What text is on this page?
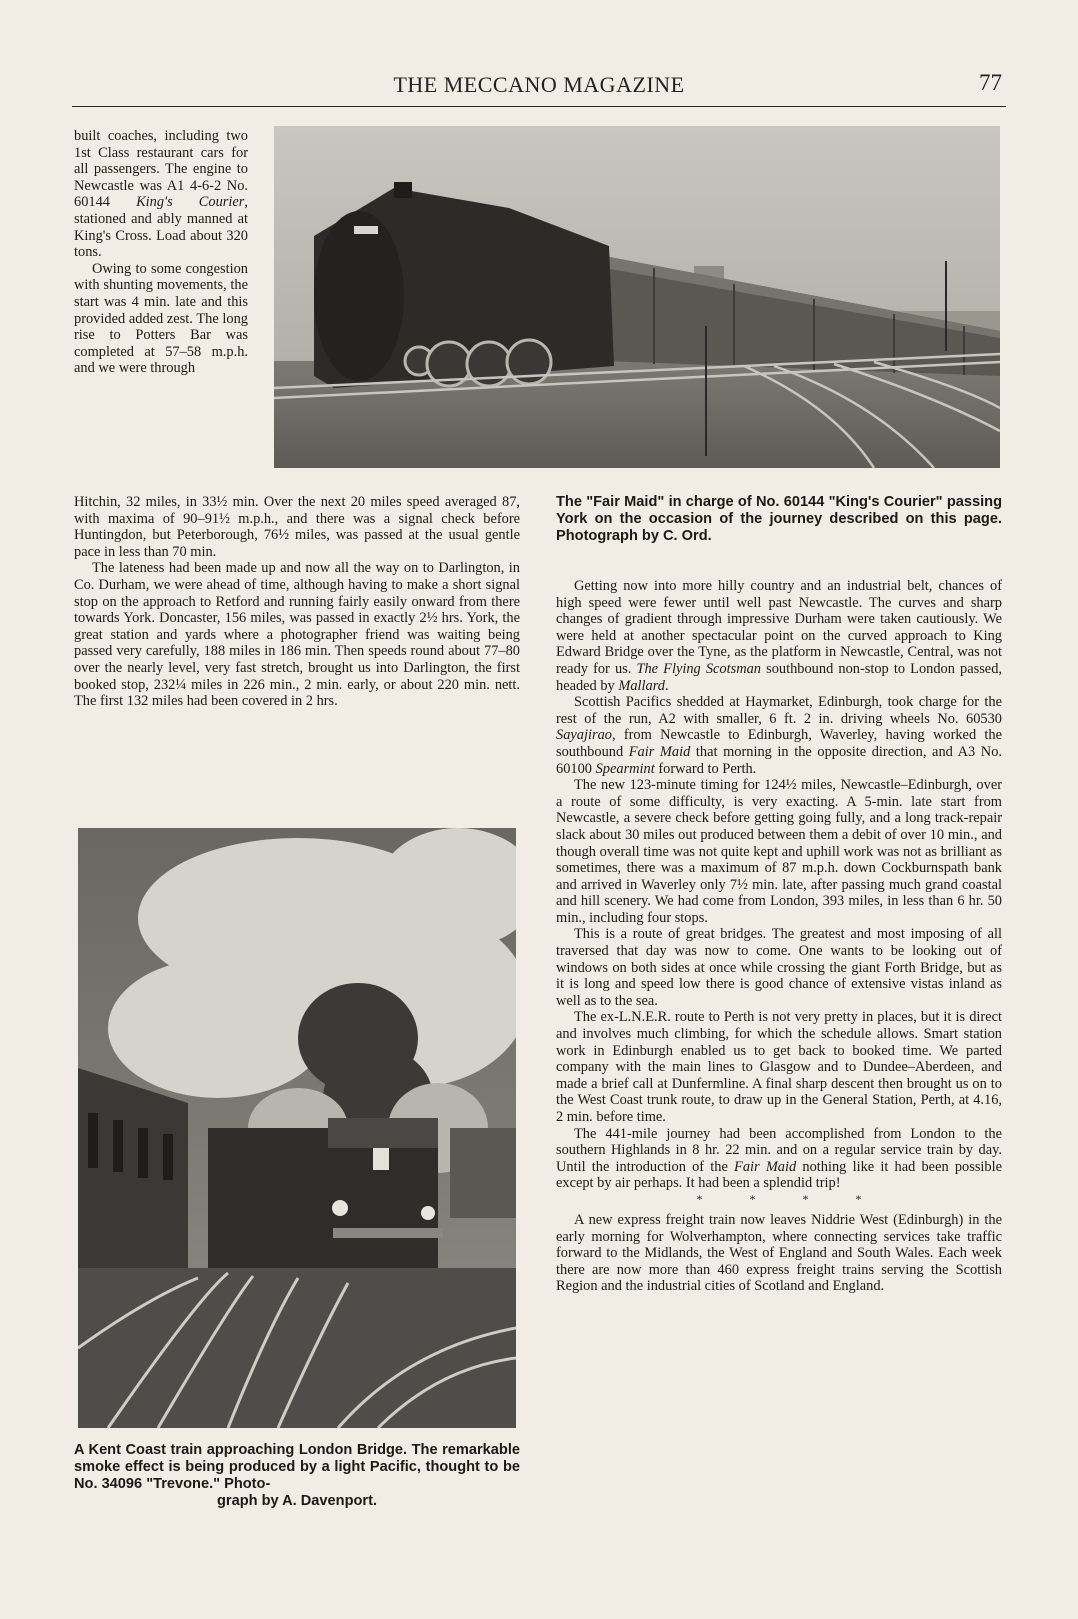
THE MECCANO MAGAZINE	77

built coaches, including two 1st Class restaurant cars for all passengers. The engine to Newcastle was A1 4-6-2 No. 60144 King's Courier, stationed and ably manned at King's Cross. Load about 320 tons.

Owing to some congestion with shunting movements, the start was 4 min. late and this provided added zest. The long rise to Potters Bar was completed at 57–58 m.p.h. and we were through

Hitchin, 32 miles, in 33½ min. Over the next 20 miles speed averaged 87, with maxima of 90–91½ m.p.h., and there was a signal check before Huntingdon, but Peterborough, 76½ miles, was passed at the usual gentle pace in less than 70 min.

The lateness had been made up and now all the way on to Darlington, in Co. Durham, we were ahead of time, although having to make a short signal stop on the approach to Retford and running fairly easily onward from there towards York. Doncaster, 156 miles, was passed in exactly 2½ hrs. York, the great station and yards where a photographer friend was waiting being passed very carefully, 188 miles in 186 min. Then speeds round about 77–80 over the nearly level, very fast stretch, brought us into Darlington, the first booked stop, 232¼ miles in 226 min., 2 min. early, or about 220 min. nett. The first 132 miles had been covered in 2 hrs.

The "Fair Maid" in charge of No. 60144 "King's Courier" passing York on the occasion of the journey described on this page. Photograph by C. Ord.
A Kent Coast train approaching London Bridge. The remarkable smoke effect is being produced by a light Pacific, thought to be No. 34096 "Trevone." Photo-
graph by A. Davenport.

Getting now into more hilly country and an industrial belt, chances of high speed were fewer until well past Newcastle. The curves and sharp changes of gradient through impressive Durham were taken cautiously. We were held at another spectacular point on the curved approach to King Edward Bridge over the Tyne, as the platform in Newcastle, Central, was not ready for us. The Flying Scotsman southbound non-stop to London passed, headed by Mallard.

Scottish Pacifics shedded at Haymarket, Edinburgh, took charge for the rest of the run, A2 with smaller, 6 ft. 2 in. driving wheels No. 60530 Sayajirao, from Newcastle to Edinburgh, Waverley, having worked the southbound Fair Maid that morning in the opposite direction, and A3 No. 60100 Spearmint forward to Perth.

The new 123-minute timing for 124½ miles, Newcastle–Edinburgh, over a route of some difficulty, is very exacting. A 5-min. late start from Newcastle, a severe check before getting going fully, and a long track-repair slack about 30 miles out produced between them a debit of over 10 min., and though overall time was not quite kept and uphill work was not as brilliant as sometimes, there was a maximum of 87 m.p.h. down Cockburnspath bank and arrived in Waverley only 7½ min. late, after passing much grand coastal and hill scenery. We had come from London, 393 miles, in less than 6 hr. 50 min., including four stops.

This is a route of great bridges. The greatest and most imposing of all traversed that day was now to come. One wants to be looking out of windows on both sides at once while crossing the giant Forth Bridge, but as it is long and speed low there is good chance of extensive vistas inland as well as to the sea.

The ex-L.N.E.R. route to Perth is not very pretty in places, but it is direct and involves much climbing, for which the schedule allows. Smart station work in Edinburgh enabled us to get back to booked time. We parted company with the main lines to Glasgow and to Dundee–Aberdeen, and made a brief call at Dunfermline. A final sharp descent then brought us on to the West Coast trunk route, to draw up in the General Station, Perth, at 4.16, 2 min. before time.

The 441-mile journey had been accomplished from London to the southern Highlands in 8 hr. 22 min. and on a regular service train by day. Until the introduction of the Fair Maid nothing like it had been possible except by air perhaps. It had been a splendid trip!

* * * *

A new express freight train now leaves Niddrie West (Edinburgh) in the early morning for Wolverhampton, where connecting services take traffic forward to the Midlands, the West of England and South Wales. Each week there are now more than 460 express freight trains serving the Scottish Region and the industrial cities of Scotland and England.
